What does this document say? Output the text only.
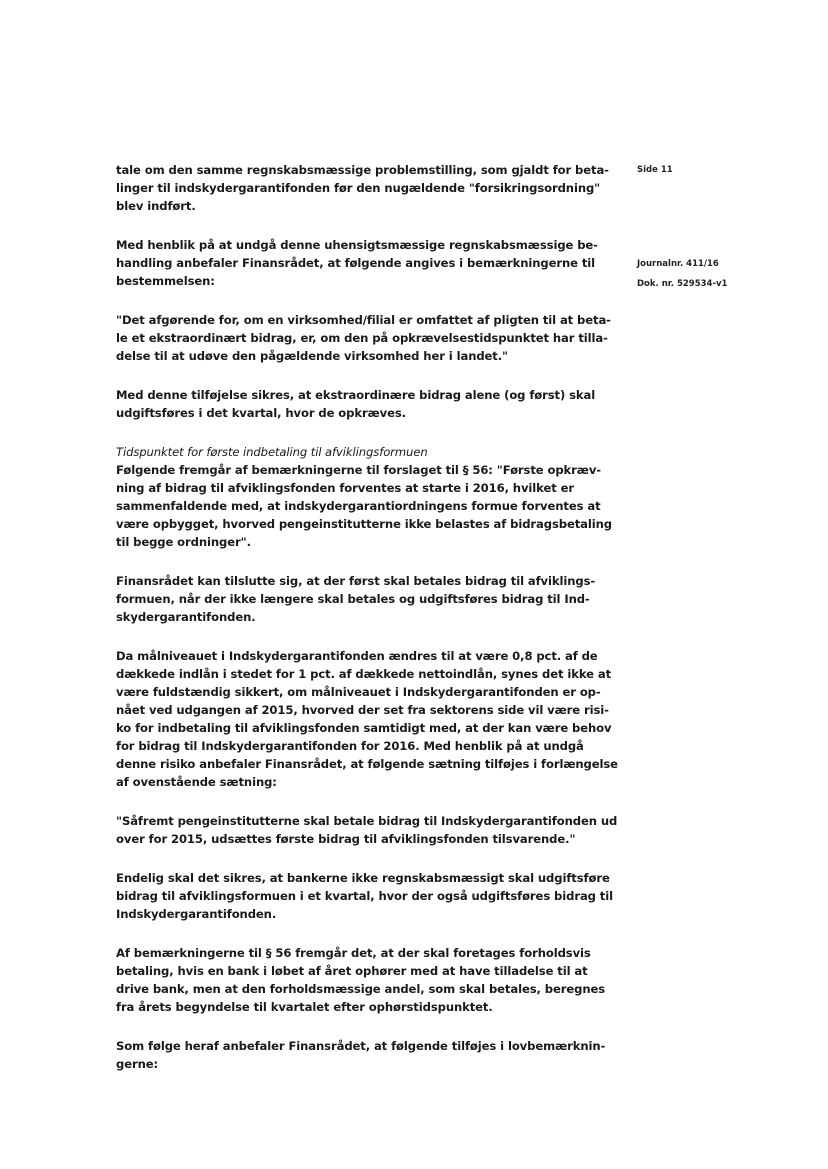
Side 11
Journalnr. 411/16
Dok. nr. 529534-v1

tale om den samme regnskabsmæssige problemstilling, som gjaldt for beta-
linger til indskydergarantifonden før den nugældende "forsikringsordning"
blev indført.

Med henblik på at undgå denne uhensigtsmæssige regnskabsmæssige be-
handling anbefaler Finansrådet, at følgende angives i bemærkningerne til
bestemmelsen:

"Det afgørende for, om en virksomhed/filial er omfattet af pligten til at beta-
le et ekstraordinært bidrag, er, om den på opkrævelsestidspunktet har tilla-
delse til at udøve den pågældende virksomhed her i landet."

Med denne tilføjelse sikres, at ekstraordinære bidrag alene (og først) skal
udgiftsføres i det kvartal, hvor de opkræves.

Tidspunktet for første indbetaling til afviklingsformuen
Følgende fremgår af bemærkningerne til forslaget til § 56: "Første opkræv-
ning af bidrag til afviklingsfonden forventes at starte i 2016, hvilket er
sammenfaldende med, at indskydergarantiordningens formue forventes at
være opbygget, hvorved pengeinstitutterne ikke belastes af bidragsbetaling
til begge ordninger".

Finansrådet kan tilslutte sig, at der først skal betales bidrag til afviklings-
formuen, når der ikke længere skal betales og udgiftsføres bidrag til Ind-
skydergarantifonden.

Da målniveauet i Indskydergarantifonden ændres til at være 0,8 pct. af de
dækkede indlån i stedet for 1 pct. af dækkede nettoindlån, synes det ikke at
være fuldstændig sikkert, om målniveauet i Indskydergarantifonden er op-
nået ved udgangen af 2015, hvorved der set fra sektorens side vil være risi-
ko for indbetaling til afviklingsfonden samtidigt med, at der kan være behov
for bidrag til Indskydergarantifonden for 2016. Med henblik på at undgå
denne risiko anbefaler Finansrådet, at følgende sætning tilføjes i forlængelse
af ovenstående sætning:

"Såfremt pengeinstitutterne skal betale bidrag til Indskydergarantifonden ud
over for 2015, udsættes første bidrag til afviklingsfonden tilsvarende."

Endelig skal det sikres, at bankerne ikke regnskabsmæssigt skal udgiftsføre
bidrag til afviklingsformuen i et kvartal, hvor der også udgiftsføres bidrag til
Indskydergarantifonden.

Af bemærkningerne til § 56 fremgår det, at der skal foretages forholdsvis
betaling, hvis en bank i løbet af året ophører med at have tilladelse til at
drive bank, men at den forholdsmæssige andel, som skal betales, beregnes
fra årets begyndelse til kvartalet efter ophørstidspunktet.

Som følge heraf anbefaler Finansrådet, at følgende tilføjes i lovbemærknin-
gerne:
